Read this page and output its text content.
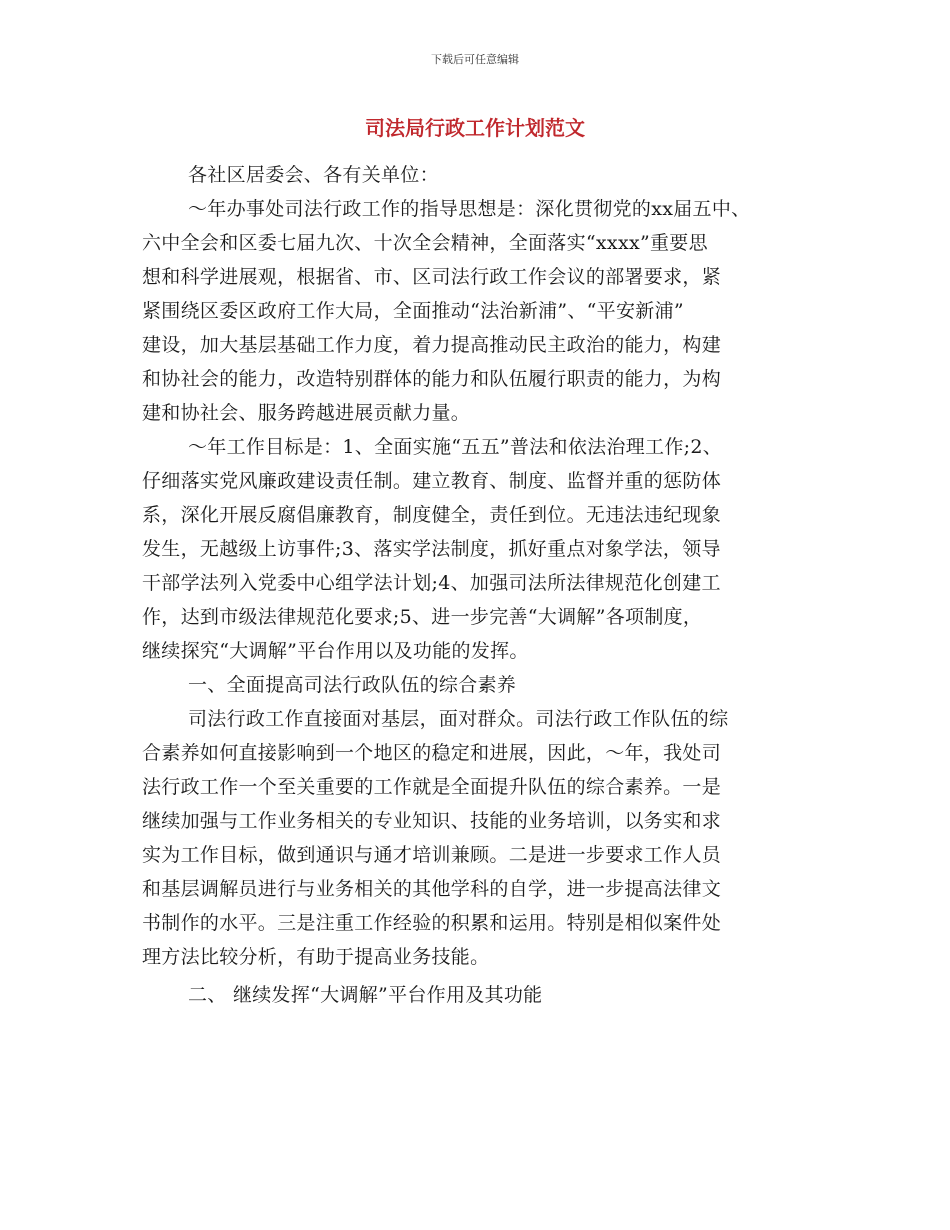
下载后可任意编辑
司法局行政工作计划范文
各社区居委会、各有关单位：
～年办事处司法行政工作的指导思想是：深化贯彻党的xx届五中、
六中全会和区委七届九次、十次全会精神，全面落实“xxxx”重要思
想和科学进展观，根据省、市、区司法行政工作会议的部署要求，紧
紧围绕区委区政府工作大局，全面推动“法治新浦”、“平安新浦”
建设，加大基层基础工作力度，着力提高推动民主政治的能力，构建
和协社会的能力，改造特别群体的能力和队伍履行职责的能力，为构
建和协社会、服务跨越进展贡献力量。
～年工作目标是：1、全面实施“五五”普法和依法治理工作;2、
仔细落实党风廉政建设责任制。建立教育、制度、监督并重的惩防体
系，深化开展反腐倡廉教育，制度健全，责任到位。无违法违纪现象
发生，无越级上访事件;3、落实学法制度，抓好重点对象学法，领导
干部学法列入党委中心组学法计划;4、加强司法所法律规范化创建工
作，达到市级法律规范化要求;5、进一步完善“大调解”各项制度，
继续探究“大调解”平台作用以及功能的发挥。
一、全面提高司法行政队伍的综合素养
司法行政工作直接面对基层，面对群众。司法行政工作队伍的综
合素养如何直接影响到一个地区的稳定和进展，因此，～年，我处司
法行政工作一个至关重要的工作就是全面提升队伍的综合素养。一是
继续加强与工作业务相关的专业知识、技能的业务培训，以务实和求
实为工作目标，做到通识与通才培训兼顾。二是进一步要求工作人员
和基层调解员进行与业务相关的其他学科的自学，进一步提高法律文
书制作的水平。三是注重工作经验的积累和运用。特别是相似案件处
理方法比较分析，有助于提高业务技能。
二、 继续发挥“大调解”平台作用及其功能
